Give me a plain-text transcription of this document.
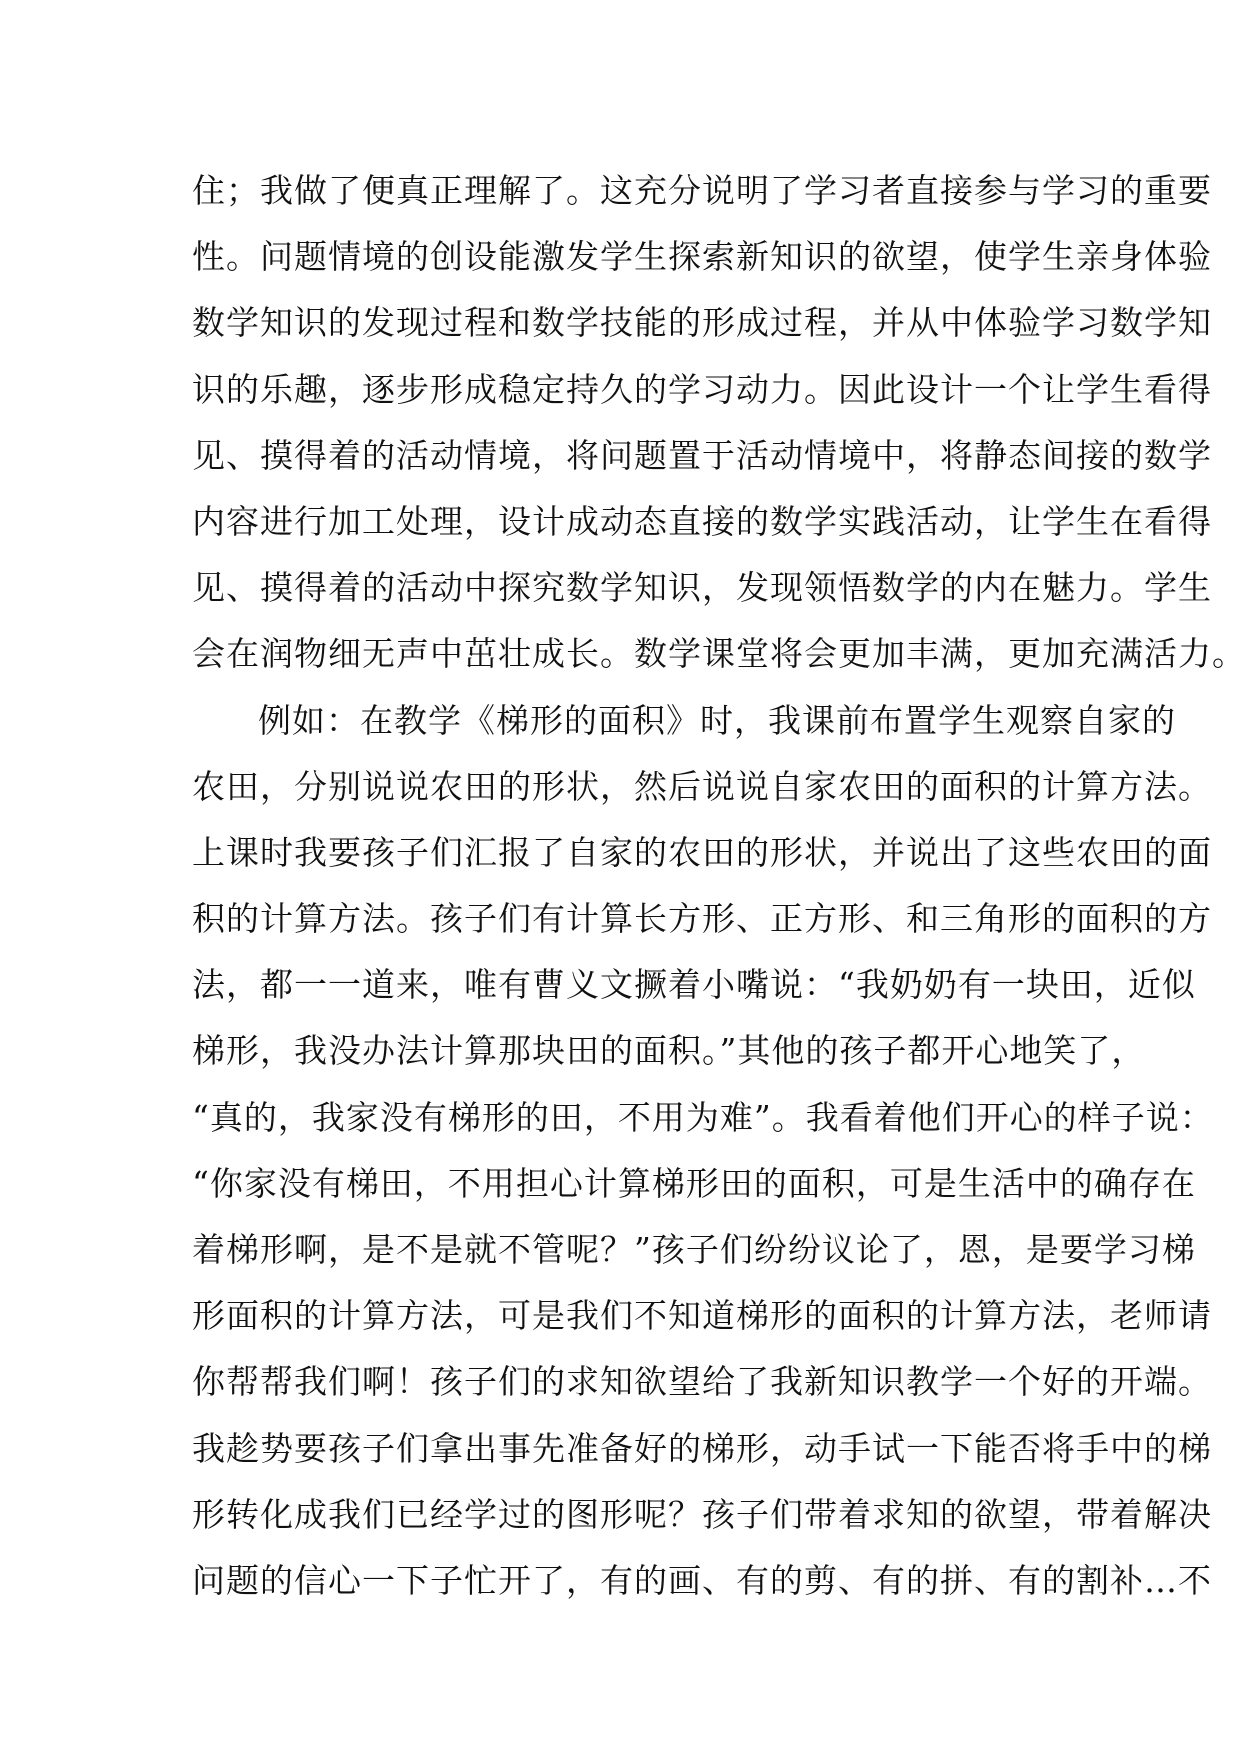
住；我做了便真正理解了。这充分说明了学习者直接参与学习的重要
性。问题情境的创设能激发学生探索新知识的欲望，使学生亲身体验
数学知识的发现过程和数学技能的形成过程，并从中体验学习数学知
识的乐趣，逐步形成稳定持久的学习动力。因此设计一个让学生看得
见、摸得着的活动情境，将问题置于活动情境中，将静态间接的数学
内容进行加工处理，设计成动态直接的数学实践活动，让学生在看得
见、摸得着的活动中探究数学知识，发现领悟数学的内在魅力。学生
会在润物细无声中茁壮成长。数学课堂将会更加丰满，更加充满活力。
例如：在教学《梯形的面积》时，我课前布置学生观察自家的
农田，分别说说农田的形状，然后说说自家农田的面积的计算方法。
上课时我要孩子们汇报了自家的农田的形状，并说出了这些农田的面
积的计算方法。孩子们有计算长方形、正方形、和三角形的面积的方
法，都一一道来，唯有曹义文撅着小嘴说：“我奶奶有一块田，近似
梯形，我没办法计算那块田的面积。”其他的孩子都开心地笑了，
“真的，我家没有梯形的田，不用为难”。我看着他们开心的样子说：
“你家没有梯田，不用担心计算梯形田的面积，可是生活中的确存在
着梯形啊，是不是就不管呢？”孩子们纷纷议论了，恩，是要学习梯
形面积的计算方法，可是我们不知道梯形的面积的计算方法，老师请
你帮帮我们啊！孩子们的求知欲望给了我新知识教学一个好的开端。
我趁势要孩子们拿出事先准备好的梯形，动手试一下能否将手中的梯
形转化成我们已经学过的图形呢？孩子们带着求知的欲望，带着解决
问题的信心一下子忙开了，有的画、有的剪、有的拼、有的割补…不
